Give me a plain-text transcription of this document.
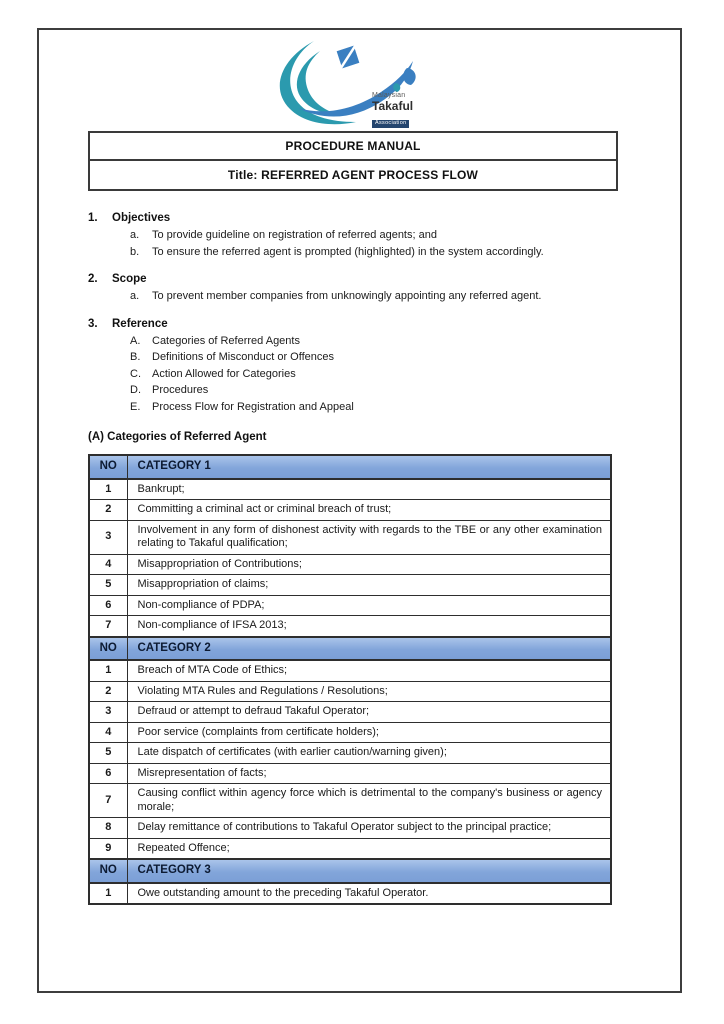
Malaysian
Takaful
Association
PROCEDURE MANUAL
Title: REFERRED AGENT PROCESS FLOW
1.	Objectives
a.	To provide guideline on registration of referred agents; and
b.	To ensure the referred agent is prompted (highlighted) in the system accordingly.
2.	Scope
a.	To prevent member companies from unknowingly appointing any referred agent.
3.	Reference
A.	Categories of Referred Agents
B.	Definitions of Misconduct or Offences
C.	Action Allowed for Categories
D.	Procedures
E.	Process Flow for Registration and Appeal
(A) Categories of Referred Agent
NO	CATEGORY 1
1	Bankrupt;
2	Committing a criminal act or criminal breach of trust;
3	Involvement in any form of dishonest activity with regards to the TBE or any other examination relating to Takaful qualification;
4	Misappropriation of Contributions;
5	Misappropriation of claims;
6	Non-compliance of PDPA;
7	Non-compliance of IFSA 2013;
NO	CATEGORY 2
1	Breach of MTA Code of Ethics;
2	Violating MTA Rules and Regulations / Resolutions;
3	Defraud or attempt to defraud Takaful Operator;
4	Poor service (complaints from certificate holders);
5	Late dispatch of certificates (with earlier caution/warning given);
6	Misrepresentation of facts;
7	Causing conflict within agency force which is detrimental to the company's business or agency morale;
8	Delay remittance of contributions to Takaful Operator subject to the principal practice;
9	Repeated Offence;
NO	CATEGORY 3
1	Owe outstanding amount to the preceding Takaful Operator.
